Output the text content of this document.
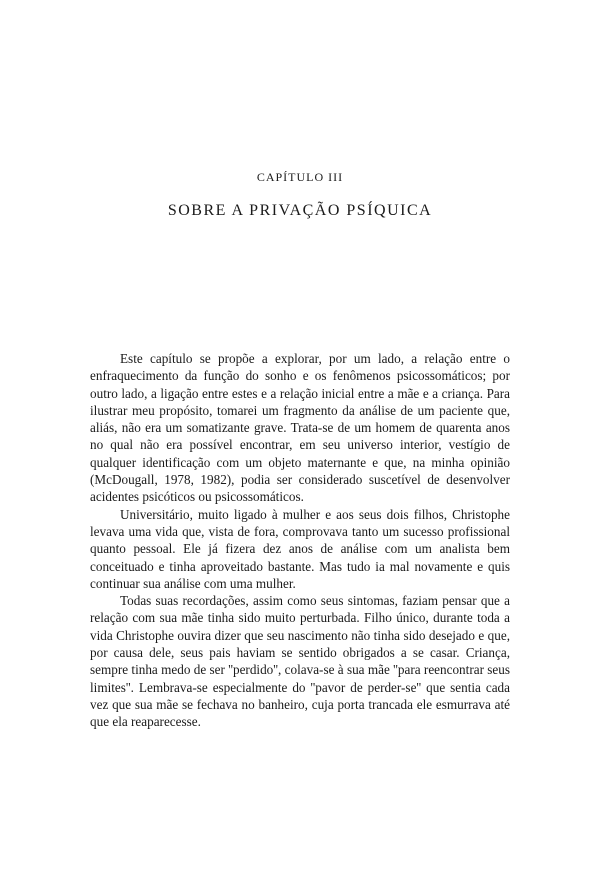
CAPÍTULO III

SOBRE A PRIVAÇÃO PSÍQUICA

Este capítulo se propõe a explorar, por um lado, a relação entre o enfraquecimento da função do sonho e os fenômenos psicossomáticos; por outro lado, a ligação entre estes e a relação inicial entre a mãe e a criança. Para ilustrar meu propósito, tomarei um fragmento da análise de um paciente que, aliás, não era um somatizante grave. Trata-se de um homem de quarenta anos no qual não era possível encontrar, em seu universo interior, vestígio de qualquer identificação com um objeto maternante e que, na minha opinião (McDougall, 1978, 1982), podia ser considerado suscetível de desenvolver acidentes psicóticos ou psicossomáticos.

Universitário, muito ligado à mulher e aos seus dois filhos, Christophe levava uma vida que, vista de fora, comprovava tanto um sucesso profissional quanto pessoal. Ele já fizera dez anos de análise com um analista bem conceituado e tinha aproveitado bastante. Mas tudo ia mal novamente e quis continuar sua análise com uma mulher.

Todas suas recordações, assim como seus sintomas, faziam pensar que a relação com sua mãe tinha sido muito perturbada. Filho único, durante toda a vida Christophe ouvira dizer que seu nascimento não tinha sido desejado e que, por causa dele, seus pais haviam se sentido obrigados a se casar. Criança, sempre tinha medo de ser ''perdido'', colava-se à sua mãe ''para reencontrar seus limites''. Lembrava-se especialmente do ''pavor de perder-se'' que sentia cada vez que sua mãe se fechava no banheiro, cuja porta trancada ele esmurrava até que ela reaparecesse.
